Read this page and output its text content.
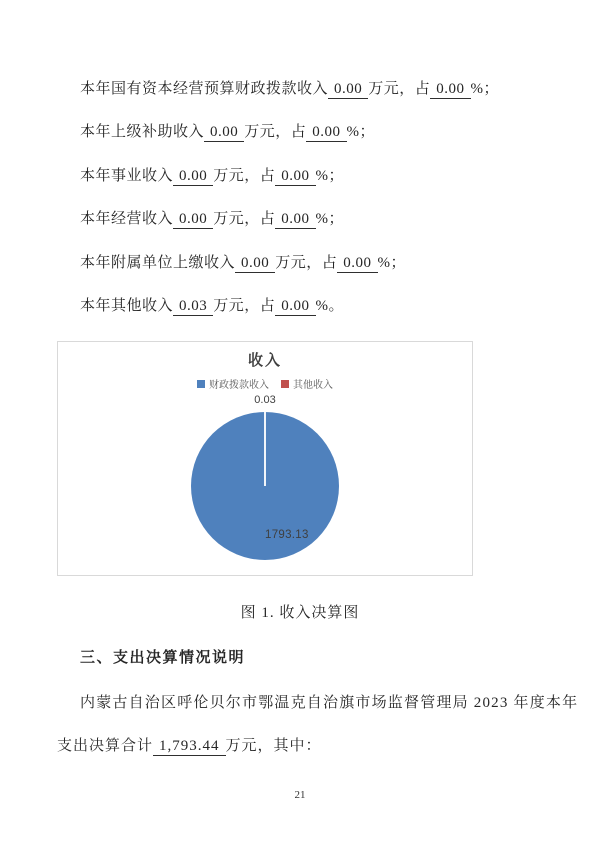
本年国有资本经营预算财政拨款收入 0.00 万元，占 0.00 %；
本年上级补助收入 0.00 万元，占 0.00 %；
本年事业收入 0.00 万元，占 0.00 %；
本年经营收入 0.00 万元，占 0.00 %；
本年附属单位上缴收入 0.00 万元，占 0.00 %；
本年其他收入 0.03 万元，占 0.00 %。
收入
财政拨款收入 其他收入
0.03
1793.13
图 1. 收入决算图
三、支出决算情况说明
内蒙古自治区呼伦贝尔市鄂温克自治旗市场监督管理局 2023 年度本年
支出决算合计 1,793.44 万元，其中：
21
